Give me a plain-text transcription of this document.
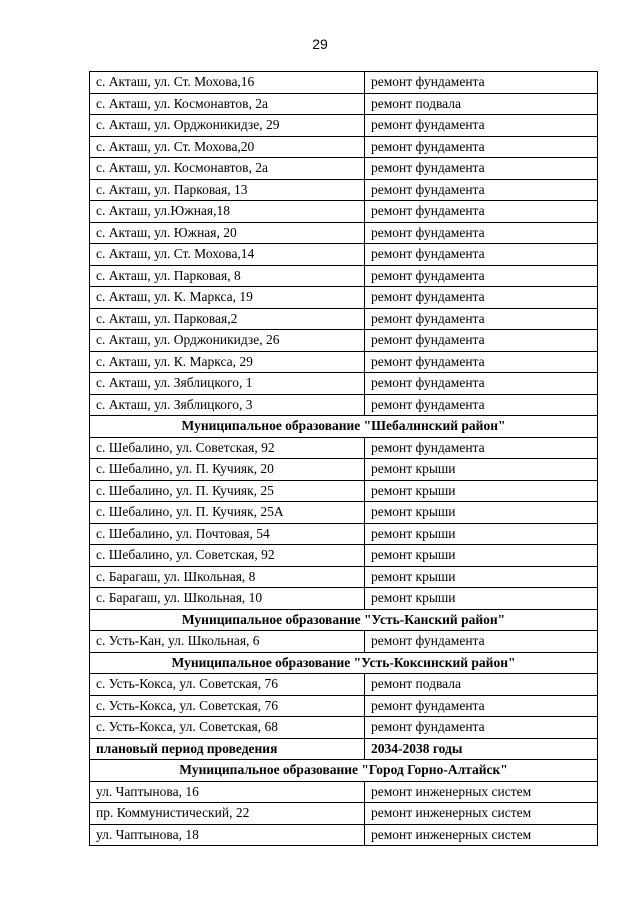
29
с. Акташ, ул. Ст. Мохова,16	ремонт фундамента
с. Акташ, ул. Космонавтов, 2а	ремонт подвала
с. Акташ, ул. Орджоникидзе, 29	ремонт фундамента
с. Акташ, ул. Ст. Мохова,20	ремонт фундамента
с. Акташ, ул. Космонавтов, 2а	ремонт фундамента
с. Акташ, ул. Парковая, 13	ремонт фундамента
с. Акташ, ул.Южная,18	ремонт фундамента
с. Акташ, ул. Южная, 20	ремонт фундамента
с. Акташ, ул. Ст. Мохова,14	ремонт фундамента
с. Акташ, ул. Парковая, 8	ремонт фундамента
с. Акташ, ул. К. Маркса, 19	ремонт фундамента
с. Акташ, ул. Парковая,2	ремонт фундамента
с. Акташ, ул. Орджоникидзе, 26	ремонт фундамента
с. Акташ, ул. К. Маркса, 29	ремонт фундамента
с. Акташ, ул. Зяблицкого, 1	ремонт фундамента
с. Акташ, ул. Зяблицкого, 3	ремонт фундамента
Муниципальное образование "Шебалинский район"	
с. Шебалино, ул. Советская, 92	ремонт фундамента
с. Шебалино, ул. П. Кучияк, 20	ремонт крыши
с. Шебалино, ул. П. Кучияк, 25	ремонт крыши
с. Шебалино, ул. П. Кучияк, 25А	ремонт крыши
с. Шебалино, ул. Почтовая, 54	ремонт крыши
с. Шебалино, ул. Советская, 92	ремонт крыши
с. Барагаш, ул. Школьная, 8	ремонт крыши
с. Барагаш, ул. Школьная, 10	ремонт крыши
Муниципальное образование "Усть-Канский район"	
с. Усть-Кан, ул. Школьная, 6	ремонт фундамента
Муниципальное образование "Усть-Коксинский район"	
с. Усть-Кокса, ул. Советская, 76	ремонт подвала
с. Усть-Кокса, ул. Советская, 76	ремонт фундамента
с. Усть-Кокса, ул. Советская, 68	ремонт фундамента
плановый период проведения	2034-2038 годы
Муниципальное образование "Город Горно-Алтайск"	
ул. Чаптынова, 16	ремонт инженерных систем
пр. Коммунистический, 22	ремонт инженерных систем
ул. Чаптынова, 18	ремонт инженерных систем
